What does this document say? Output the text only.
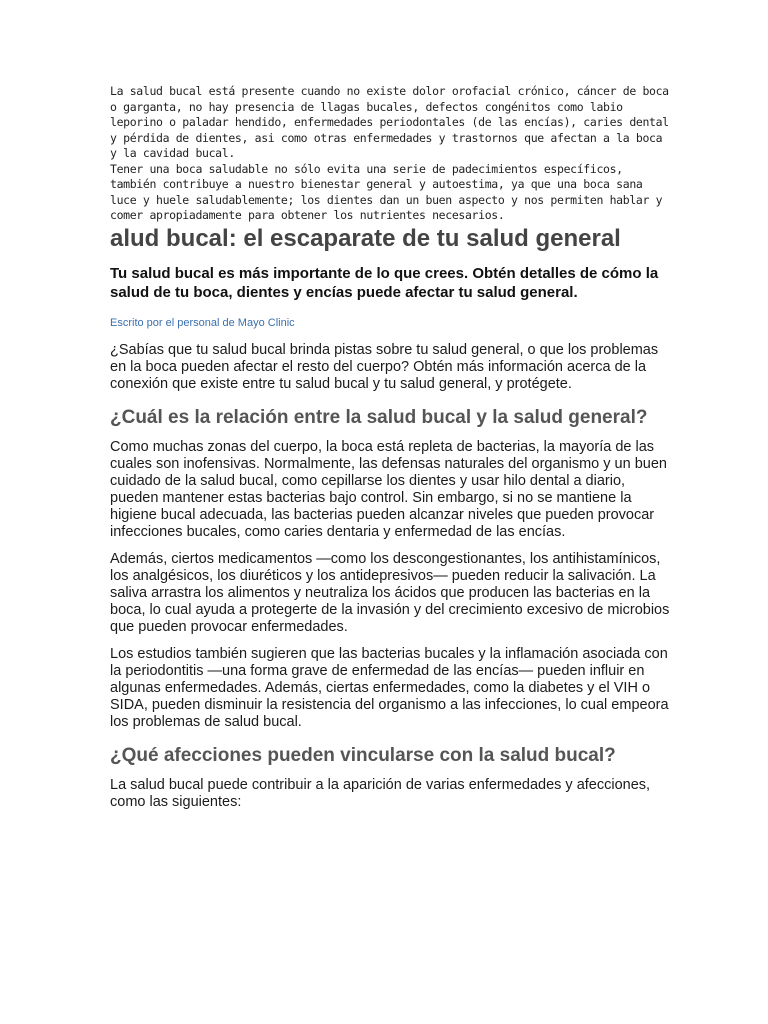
La salud bucal está presente cuando no existe dolor orofacial crónico, cáncer de boca o garganta, no hay presencia de llagas bucales, defectos congénitos como labio leporino o paladar hendido, enfermedades periodontales (de las encías), caries dental y pérdida de dientes, asi como otras enfermedades y trastornos que afectan a la boca y la cavidad bucal.

Tener una boca saludable no sólo evita una serie de padecimientos específicos, también contribuye a nuestro bienestar general y autoestima, ya que una boca sana luce y huele saludablemente; los dientes dan un buen aspecto y nos permiten hablar y comer apropiadamente para obtener los nutrientes necesarios.

alud bucal: el escaparate de tu salud general

Tu salud bucal es más importante de lo que crees. Obtén detalles de cómo la salud de tu boca, dientes y encías puede afectar tu salud general.

Escrito por el personal de Mayo Clinic

¿Sabías que tu salud bucal brinda pistas sobre tu salud general, o que los problemas en la boca pueden afectar el resto del cuerpo? Obtén más información acerca de la conexión que existe entre tu salud bucal y tu salud general, y protégete.

¿Cuál es la relación entre la salud bucal y la salud general?

Como muchas zonas del cuerpo, la boca está repleta de bacterias, la mayoría de las cuales son inofensivas. Normalmente, las defensas naturales del organismo y un buen cuidado de la salud bucal, como cepillarse los dientes y usar hilo dental a diario, pueden mantener estas bacterias bajo control. Sin embargo, si no se mantiene la higiene bucal adecuada, las bacterias pueden alcanzar niveles que pueden provocar infecciones bucales, como caries dentaria y enfermedad de las encías.

Además, ciertos medicamentos —como los descongestionantes, los antihistamínicos, los analgésicos, los diuréticos y los antidepresivos— pueden reducir la salivación. La saliva arrastra los alimentos y neutraliza los ácidos que producen las bacterias en la boca, lo cual ayuda a protegerte de la invasión y del crecimiento excesivo de microbios que pueden provocar enfermedades.

Los estudios también sugieren que las bacterias bucales y la inflamación asociada con la periodontitis —una forma grave de enfermedad de las encías— pueden influir en algunas enfermedades. Además, ciertas enfermedades, como la diabetes y el VIH o SIDA, pueden disminuir la resistencia del organismo a las infecciones, lo cual empeora los problemas de salud bucal.

¿Qué afecciones pueden vincularse con la salud bucal?

La salud bucal puede contribuir a la aparición de varias enfermedades y afecciones, como las siguientes:
